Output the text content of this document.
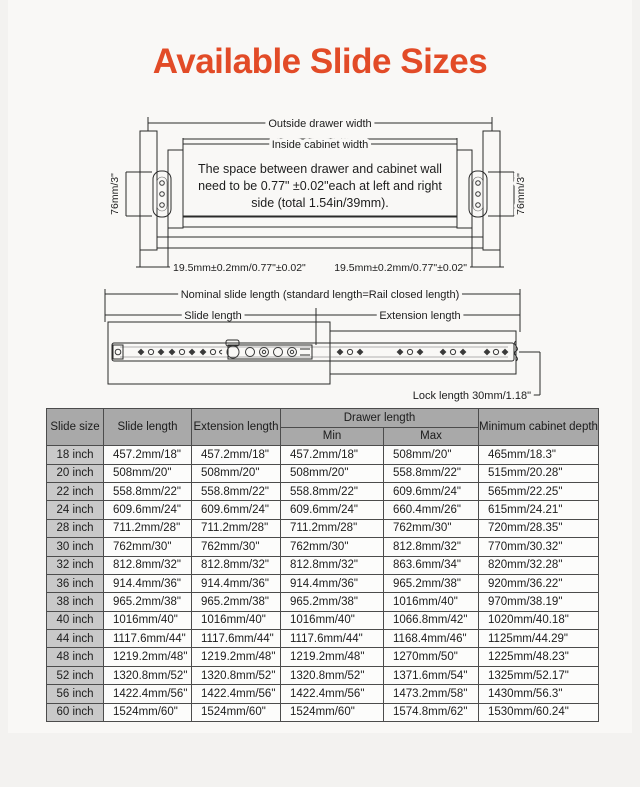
Available Slide Sizes
Outside drawer width
Inside cabinet width
The space between drawer and cabinet wall
need to be 0.77" ±0.02"each at left and right
side (total 1.54in/39mm).
76mm/3"	76mm/3"
19.5mm±0.2mm/0.77"±0.02"	19.5mm±0.2mm/0.77"±0.02"
Nominal slide length (standard length=Rail closed length)
Slide length	Extension length
Lock length 30mm/1.18"
Slide size	Slide length	Extension length	Drawer length		Minimum cabinet depth
			Min	Max	
18 inch	457.2mm/18"	457.2mm/18"	457.2mm/18"	508mm/20"	465mm/18.3"
20 inch	508mm/20"	508mm/20"	508mm/20"	558.8mm/22"	515mm/20.28"
22 inch	558.8mm/22"	558.8mm/22"	558.8mm/22"	609.6mm/24"	565mm/22.25"
24 inch	609.6mm/24"	609.6mm/24"	609.6mm/24"	660.4mm/26"	615mm/24.21"
28 inch	711.2mm/28"	711.2mm/28"	711.2mm/28"	762mm/30"	720mm/28.35"
30 inch	762mm/30"	762mm/30"	762mm/30"	812.8mm/32"	770mm/30.32"
32 inch	812.8mm/32"	812.8mm/32"	812.8mm/32"	863.6mm/34"	820mm/32.28"
36 inch	914.4mm/36"	914.4mm/36"	914.4mm/36"	965.2mm/38"	920mm/36.22"
38 inch	965.2mm/38"	965.2mm/38"	965.2mm/38"	1016mm/40"	970mm/38.19"
40 inch	1016mm/40"	1016mm/40"	1016mm/40"	1066.8mm/42"	1020mm/40.18"
44 inch	1117.6mm/44"	1117.6mm/44"	1117.6mm/44"	1168.4mm/46"	1125mm/44.29"
48 inch	1219.2mm/48"	1219.2mm/48"	1219.2mm/48"	1270mm/50"	1225mm/48.23"
52 inch	1320.8mm/52"	1320.8mm/52"	1320.8mm/52"	1371.6mm/54"	1325mm/52.17"
56 inch	1422.4mm/56"	1422.4mm/56"	1422.4mm/56"	1473.2mm/58"	1430mm/56.3"
60 inch	1524mm/60"	1524mm/60"	1524mm/60"	1574.8mm/62"	1530mm/60.24"
